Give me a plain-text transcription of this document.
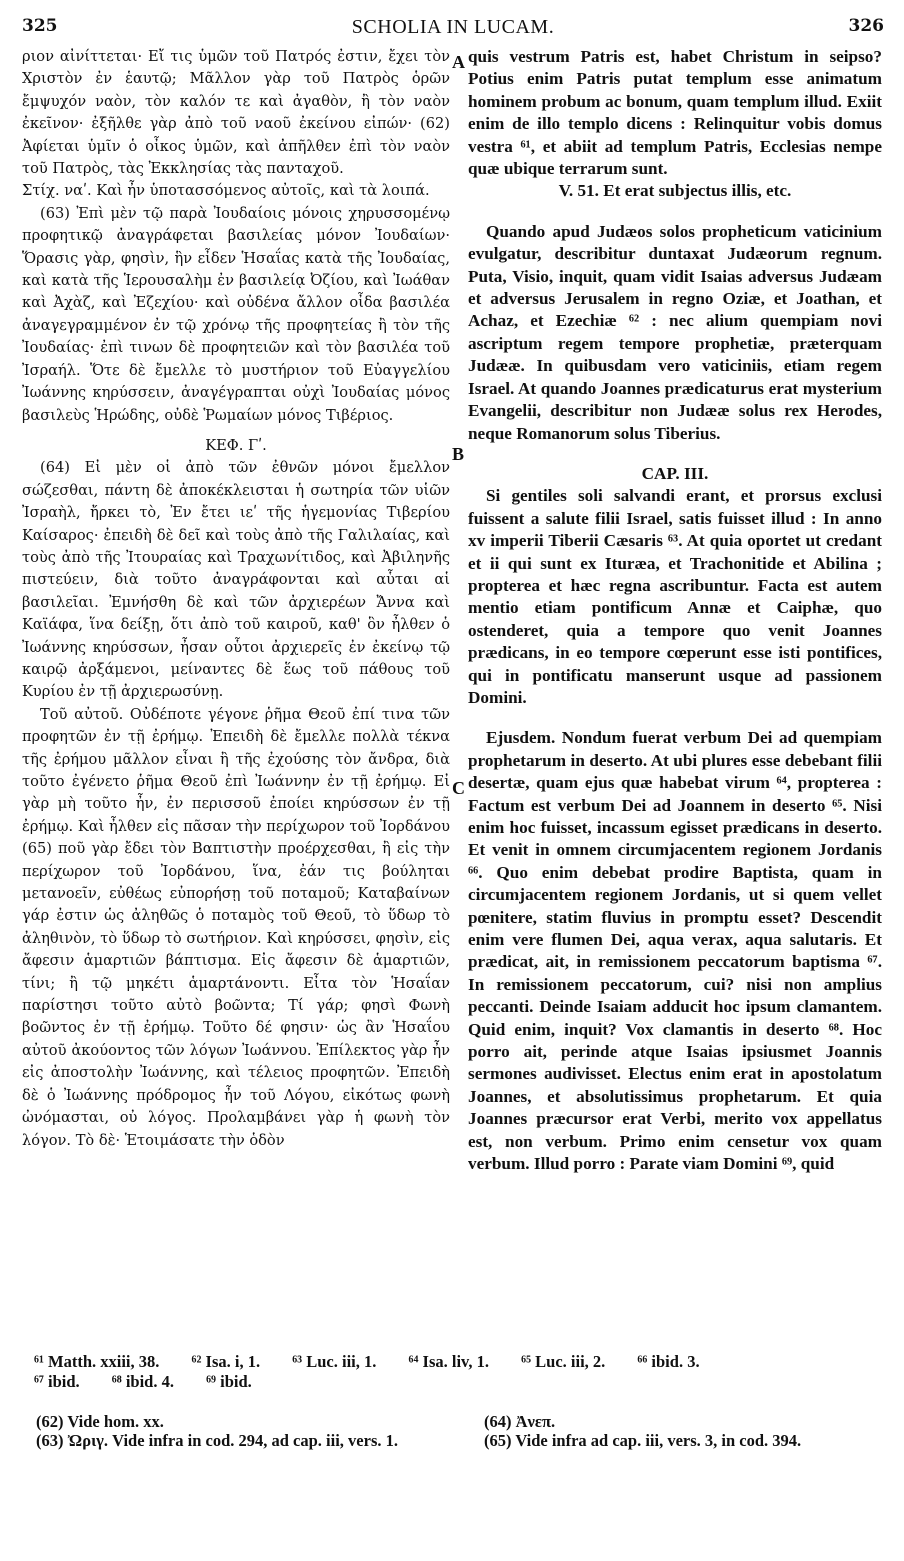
325	SCHOLIA IN LUCAM.	326

ριον αἰνίττεται· Εἴ τις ὑμῶν τοῦ Πατρός ἐστιν, ἔχει τὸν Χριστὸν ἐν ἑαυτῷ; Μᾶλλον γὰρ τοῦ Πατρὸς ὁρῶν ἔμψυχόν ναὸν, τὸν καλόν τε καὶ ἀγαθὸν, ἢ τὸν ναὸν ἐκεῖνον· ἐξῆλθε γὰρ ἀπὸ τοῦ ναοῦ ἐκείνου εἰπών· (62) Ἀφίεται ὑμῖν ὁ οἶκος ὑμῶν, καὶ ἀπῆλθεν ἐπὶ τὸν ναὸν τοῦ Πατρὸς, τὰς Ἐκκλησίας τὰς πανταχοῦ.

Στίχ. ναʹ. Καὶ ἦν ὑποτασσόμενος αὐτοῖς, καὶ τὰ λοιπά.

(63) Ἐπὶ μὲν τῷ παρὰ Ἰουδαίοις μόνοις χηρυσσομένῳ προφητικῷ ἀναγράφεται βασιλείας μόνον Ἰουδαίων· Ὅρασις γὰρ, φησὶν, ἣν εἶδεν Ἡσαΐας κατὰ τῆς Ἰουδαίας, καὶ κατὰ τῆς Ἱερουσαλὴμ ἐν βασιλείᾳ Ὀζίου, καὶ Ἰωάθαν καὶ Ἀχὰζ, καὶ Ἐζεχίου· καὶ οὐδένα ἄλλον οἶδα βασιλέα ἀναγεγραμμένον ἐν τῷ χρόνῳ τῆς προφητείας ἢ τὸν τῆς Ἰουδαίας· ἐπὶ τινων δὲ προφητειῶν καὶ τὸν βασιλέα τοῦ Ἰσραήλ. Ὅτε δὲ ἔμελλε τὸ μυστήριον τοῦ Εὐαγγελίου Ἰωάννης κηρύσσειν, ἀναγέγραπται οὐχὶ Ἰουδαίας μόνος βασιλεὺς Ἡρώδης, οὐδὲ Ῥωμαίων μόνος Τιβέριος.

ΚΕΦ. Γʹ.

(64) Εἰ μὲν οἱ ἀπὸ τῶν ἐθνῶν μόνοι ἔμελλον σώζεσθαι, πάντη δὲ ἀποκέκλεισται ἡ σωτηρία τῶν υἱῶν Ἰσραὴλ, ἤρκει τὸ, Ἐν ἔτει ιεʹ τῆς ἡγεμονίας Τιβερίου Καίσαρος· ἐπειδὴ δὲ δεῖ καὶ τοὺς ἀπὸ τῆς Γαλιλαίας, καὶ τοὺς ἀπὸ τῆς Ἰτουραίας καὶ Τραχωνίτιδος, καὶ Ἀβιληνῆς πιστεύειν, διὰ τοῦτο ἀναγράφονται καὶ αὗται αἱ βασιλεῖαι. Ἐμνήσθη δὲ καὶ τῶν ἀρχιερέων Ἄννα καὶ Καϊάφα, ἵνα δείξῃ, ὅτι ἀπὸ τοῦ καιροῦ, καθ' ὃν ἦλθεν ὁ Ἰωάννης κηρύσσων, ἦσαν οὗτοι ἀρχιερεῖς ἐν ἐκείνῳ τῷ καιρῷ ἀρξάμενοι, μείναντες δὲ ἕως τοῦ πάθους τοῦ Κυρίου ἐν τῇ ἀρχιερωσύνῃ.

Τοῦ αὐτοῦ. Οὐδέποτε γέγονε ῥῆμα Θεοῦ ἐπί τινα τῶν προφητῶν ἐν τῇ ἐρήμῳ. Ἐπειδὴ δὲ ἔμελλε πολλὰ τέκνα τῆς ἐρήμου μᾶλλον εἶναι ἢ τῆς ἐχούσης τὸν ἄνδρα, διὰ τοῦτο ἐγένετο ῥῆμα Θεοῦ ἐπὶ Ἰωάννην ἐν τῇ ἐρήμῳ. Εἰ γὰρ μὴ τοῦτο ἦν, ἐν περισσοῦ ἐποίει κηρύσσων ἐν τῇ ἐρήμῳ. Καὶ ἦλθεν εἰς πᾶσαν τὴν περίχωρον τοῦ Ἰορδάνου (65) ποῦ γὰρ ἔδει τὸν Βαπτιστὴν προέρχεσθαι, ἢ εἰς τὴν περίχωρον τοῦ Ἰορδάνου, ἵνα, ἐάν τις βούληται μετανοεῖν, εὐθέως εὐπορήσῃ τοῦ ποταμοῦ; Καταβαίνων γάρ ἐστιν ὡς ἀληθῶς ὁ ποταμὸς τοῦ Θεοῦ, τὸ ὕδωρ τὸ ἀληθινὸν, τὸ ὕδωρ τὸ σωτήριον. Καὶ κηρύσσει, φησὶν, εἰς ἄφεσιν ἁμαρτιῶν βάπτισμα. Εἰς ἄφεσιν δὲ ἁμαρτιῶν, τίνι; ἢ τῷ μηκέτι ἁμαρτάνοντι. Εἶτα τὸν Ἡσαΐαν παρίστησι τοῦτο αὐτὸ βοῶντα; Τί γάρ; φησὶ Φωνὴ βοῶντος ἐν τῇ ἐρήμῳ. Τοῦτο δέ φησιν· ὡς ἂν Ἡσαΐου αὐτοῦ ἀκούοντος τῶν λόγων Ἰωάννου. Ἐπίλεκτος γὰρ ἦν εἰς ἀποστολὴν Ἰωάννης, καὶ τέλειος προφητῶν. Ἐπειδὴ δὲ ὁ Ἰωάννης πρόδρομος ἦν τοῦ Λόγου, εἰκότως φωνὴ ὠνόμασται, οὐ λόγος. Προλαμβάνει γὰρ ἡ φωνὴ τὸν λόγον. Τὸ δὲ· Ἑτοιμάσατε τὴν ὁδὸν

quis vestrum Patris est, habet Christum in seipso? Potius enim Patris putat templum esse animatum hominem probum ac bonum, quam templum illud. Exiit enim de illo templo dicens : Relinquitur vobis domus vestra ⁶¹, et abiit ad templum Patris, Ecclesias nempe quæ ubique terrarum sunt.

V. 51. Et erat subjectus illis, etc.

Quando apud Judæos solos propheticum vaticinium evulgatur, describitur duntaxat Judæorum regnum. Puta, Visio, inquit, quam vidit Isaias adversus Judæam et adversus Jerusalem in regno Oziæ, et Joathan, et Achaz, et Ezechiæ ⁶² : nec alium quempiam novi ascriptum regem tempore prophetiæ, præterquam Judææ. In quibusdam vero vaticiniis, etiam regem Israel. At quando Joannes prædicaturus erat mysterium Evangelii, describitur non Judææ solus rex Herodes, neque Romanorum solus Tiberius.

CAP. III.

Si gentiles soli salvandi erant, et prorsus exclusi fuissent a salute filii Israel, satis fuisset illud : In anno xv imperii Tiberii Cæsaris ⁶³. At quia oportet ut credant et ii qui sunt ex Ituræa, et Trachonitide et Abilina ; propterea et hæc regna ascribuntur. Facta est autem mentio etiam pontificum Annæ et Caiphæ, quo ostenderet, quia a tempore quo venit Joannes prædicans, in eo tempore cœperunt esse isti pontifices, qui in pontificatu manserunt usque ad passionem Domini.

Ejusdem. Nondum fuerat verbum Dei ad quempiam prophetarum in deserto. At ubi plures esse debebant filii desertæ, quam ejus quæ habebat virum ⁶⁴, propterea : Factum est verbum Dei ad Joannem in deserto ⁶⁵. Nisi enim hoc fuisset, incassum egisset prædicans in deserto. Et venit in omnem circumjacentem regionem Jordanis ⁶⁶. Quo enim debebat prodire Baptista, quam in circumjacentem regionem Jordanis, ut si quem vellet pœnitere, statim fluvius in promptu esset? Descendit enim vere flumen Dei, aqua verax, aqua salutaris. Et prædicat, ait, in remissionem peccatorum baptisma ⁶⁷. In remissionem peccatorum, cui? nisi non amplius peccanti. Deinde Isaiam adducit hoc ipsum clamantem. Quid enim, inquit? Vox clamantis in deserto ⁶⁸. Hoc porro ait, perinde atque Isaias ipsiusmet Joannis sermones audivisset. Electus enim erat in apostolatum Joannes, et absolutissimus prophetarum. Et quia Joannes præcursor erat Verbi, merito vox appellatus est, non verbum. Primo enim censetur vox quam verbum. Illud porro : Parate viam Domini ⁶⁹, quid

A
B
C
⁶¹ Matth. xxiii, 38. ⁶² Isa. i, 1. ⁶³ Luc. iii, 1. ⁶⁴ Isa. liv, 1. ⁶⁵ Luc. iii, 2. ⁶⁶ ibid. 3.
⁶⁷ ibid. ⁶⁸ ibid. 4. ⁶⁹ ibid.
(62) Vide hom. xx.
(63) Ὠριγ. Vide infra in cod. 294, ad cap. iii, vers. 1.
(64) Ἀνεπ.
(65) Vide infra ad cap. iii, vers. 3, in cod. 394.
